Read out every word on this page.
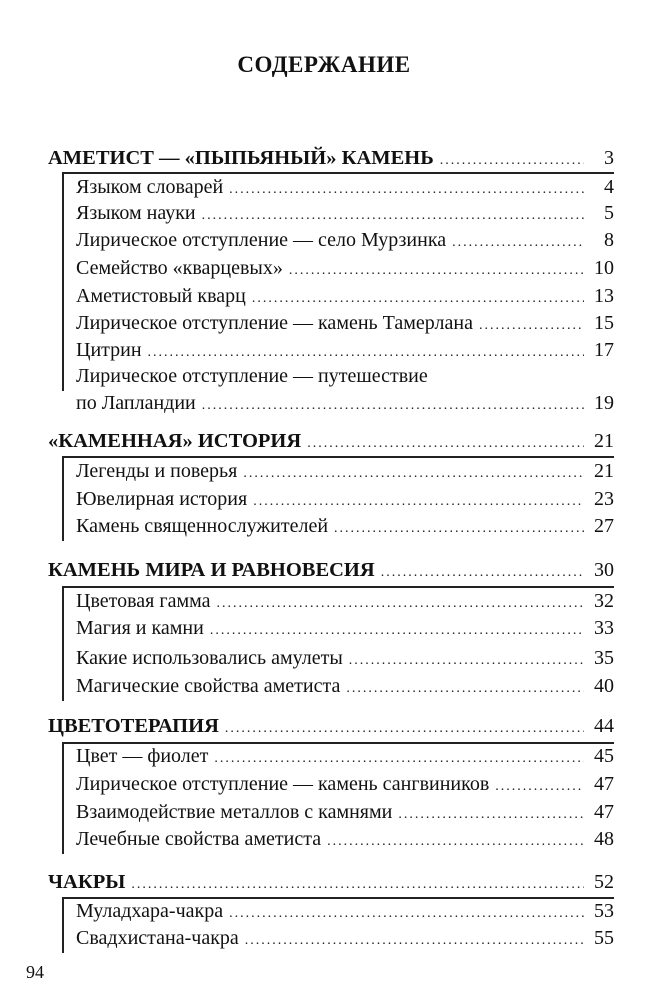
СОДЕРЖАНИЕ
АМЕТИСТ — «ПЫПЬЯНЫЙ» КАМЕНЬ .....	3
Языком словарей .....	4
Языком науки .....	5
Лирическое отступление — село Мурзинка .....	8
Семейство «кварцевых» .....	10
Аметистовый кварц .....	13
Лирическое отступление — камень Тамерлана .....	15
Цитрин .....	17
Лирическое отступление — путешествие
по Лапландии .....	19
«КАМЕННАЯ» ИСТОРИЯ .....	21
Легенды и поверья .....	21
Ювелирная история .....	23
Камень священнослужителей .....	27
КАМЕНЬ МИРА И РАВНОВЕСИЯ .....	30
Цветовая гамма .....	32
Магия и камни .....	33
Какие использовались амулеты .....	35
Магические свойства аметиста .....	40
ЦВЕТОТЕРАПИЯ .....	44
Цвет — фиолет .....	45
Лирическое отступление — камень сангвиников .....	47
Взаимодействие металлов с камнями .....	47
Лечебные свойства аметиста .....	48
ЧАКРЫ .....	52
Муладхара-чакра .....	53
Свадхистана-чакра .....	55
94
